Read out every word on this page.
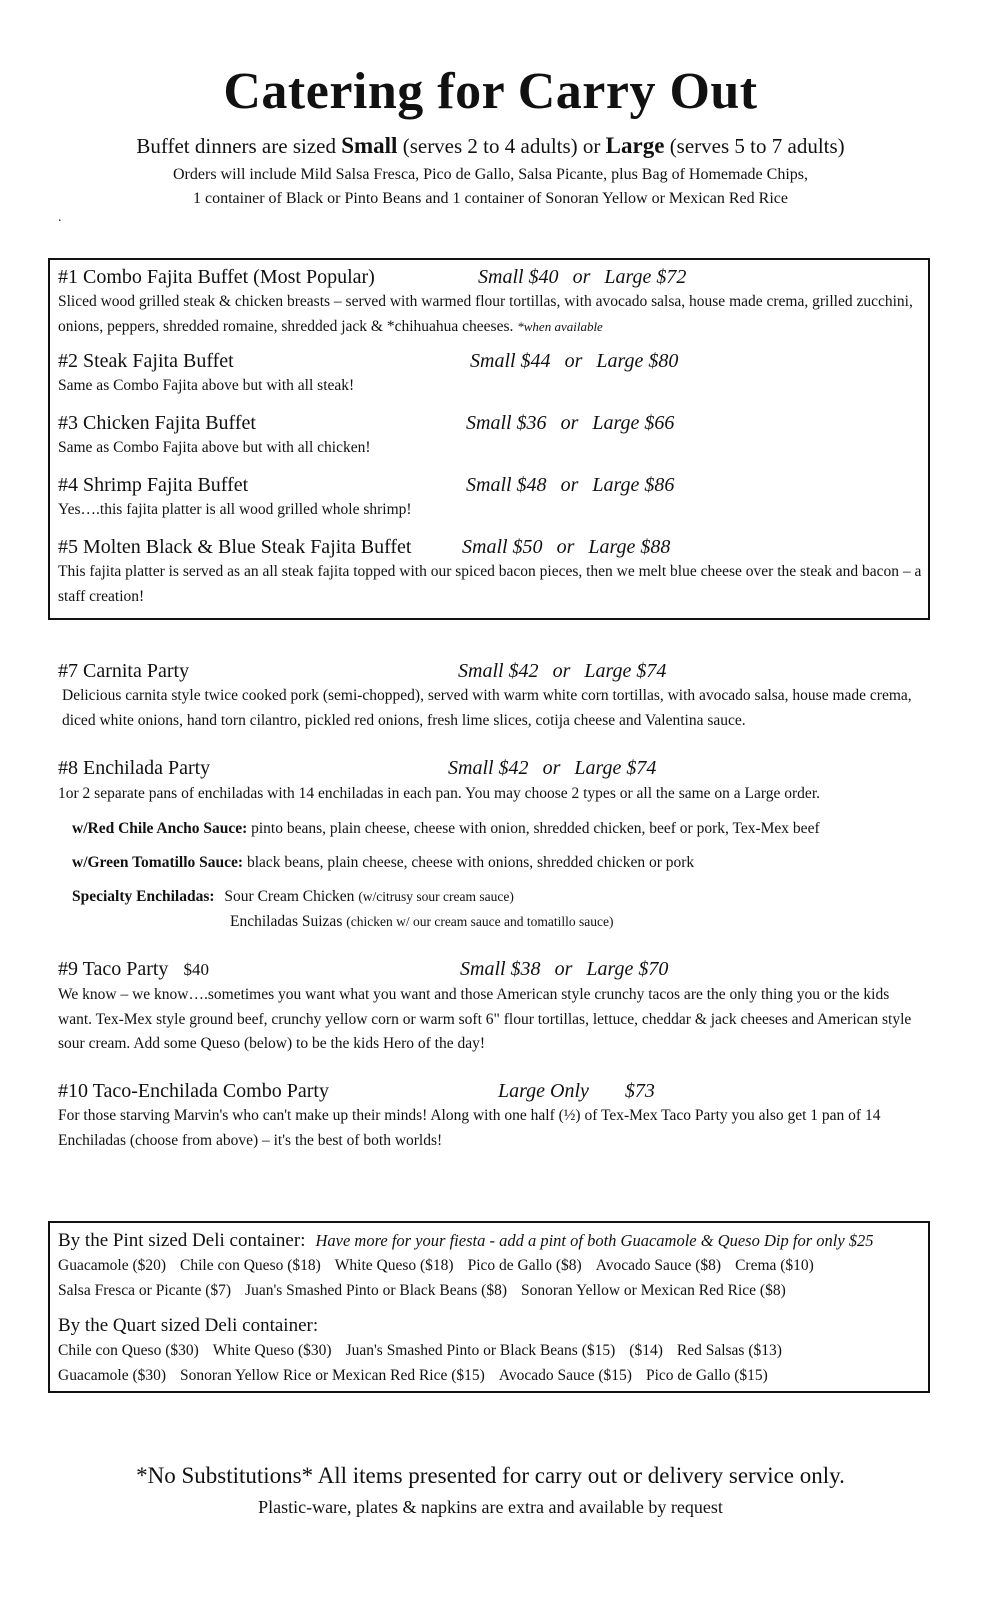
Catering for Carry Out
Buffet dinners are sized Small (serves 2 to 4 adults) or Large (serves 5 to 7 adults)
Orders will include Mild Salsa Fresca, Pico de Gallo, Salsa Picante, plus Bag of Homemade Chips,
1 container of Black or Pinto Beans and 1 container of Sonoran Yellow or Mexican Red Rice
.
#1 Combo Fajita Buffet (Most Popular)	Small $40 or Large $72
Sliced wood grilled steak & chicken breasts – served with warmed flour tortillas, with avocado salsa, house made crema, grilled zucchini, onions, peppers, shredded romaine, shredded jack & *chihuahua cheeses. *when available
#2 Steak Fajita Buffet	Small $44 or Large $80
Same as Combo Fajita above but with all steak!
#3 Chicken Fajita Buffet	Small $36 or Large $66
Same as Combo Fajita above but with all chicken!
#4 Shrimp Fajita Buffet	Small $48 or Large $86
Yes….this fajita platter is all wood grilled whole shrimp!
#5 Molten Black & Blue Steak Fajita Buffet	Small $50 or Large $88
This fajita platter is served as an all steak fajita topped with our spiced bacon pieces, then we melt blue cheese over the steak and bacon – a staff creation!
#7 Carnita Party	Small $42 or Large $74
Delicious carnita style twice cooked pork (semi-chopped), served with warm white corn tortillas, with avocado salsa, house made crema, diced white onions, hand torn cilantro, pickled red onions, fresh lime slices, cotija cheese and Valentina sauce.
#8 Enchilada Party	Small $42 or Large $74
1or 2 separate pans of enchiladas with 14 enchiladas in each pan. You may choose 2 types or all the same on a Large order.
w/Red Chile Ancho Sauce: pinto beans, plain cheese, cheese with onion, shredded chicken, beef or pork, Tex-Mex beef
w/Green Tomatillo Sauce: black beans, plain cheese, cheese with onions, shredded chicken or pork
Specialty Enchiladas: Sour Cream Chicken (w/citrusy sour cream sauce)
Enchiladas Suizas (chicken w/ our cream sauce and tomatillo sauce)
#9 Taco Party $40	Small $38 or Large $70
We know – we know….sometimes you want what you want and those American style crunchy tacos are the only thing you or the kids want. Tex-Mex style ground beef, crunchy yellow corn or warm soft 6" flour tortillas, lettuce, cheddar & jack cheeses and American style sour cream. Add some Queso (below) to be the kids Hero of the day!
#10 Taco-Enchilada Combo Party	Large Only $73
For those starving Marvin's who can't make up their minds! Along with one half (½) of Tex-Mex Taco Party you also get 1 pan of 14 Enchiladas (choose from above) – it's the best of both worlds!
By the Pint sized Deli container: Have more for your fiesta - add a pint of both Guacamole & Queso Dip for only $25
Guacamole ($20) Chile con Queso ($18) White Queso ($18) Pico de Gallo ($8) Avocado Sauce ($8) Crema ($10)
Salsa Fresca or Picante ($7) Juan's Smashed Pinto or Black Beans ($8) Sonoran Yellow or Mexican Red Rice ($8)
By the Quart sized Deli container:
Chile con Queso ($30) White Queso ($30) Juan's Smashed Pinto or Black Beans ($15) ($14) Red Salsas ($13)
Guacamole ($30) Sonoran Yellow Rice or Mexican Red Rice ($15) Avocado Sauce ($15) Pico de Gallo ($15)
*No Substitutions* All items presented for carry out or delivery service only.
Plastic-ware, plates & napkins are extra and available by request
